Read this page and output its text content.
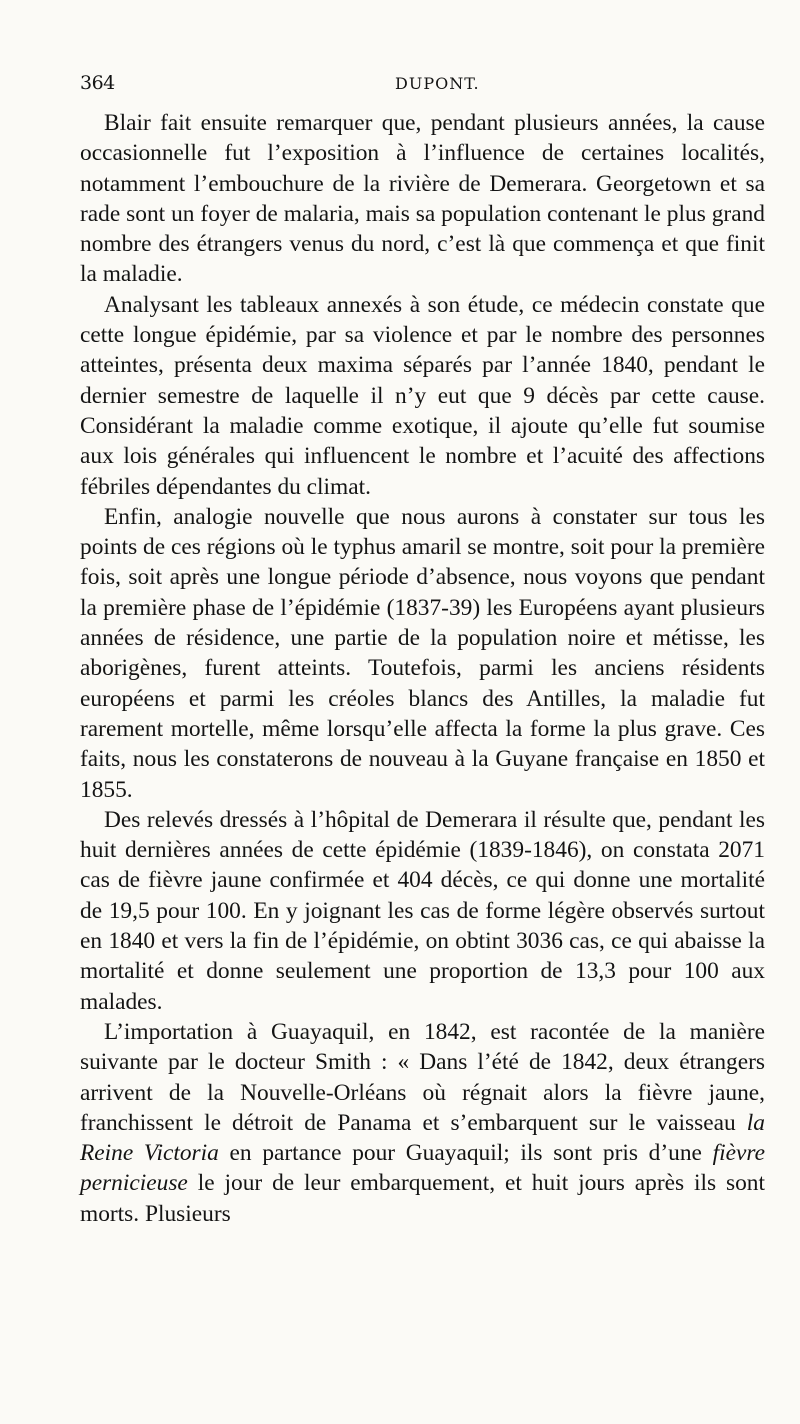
364	DUPONT.

Blair fait ensuite remarquer que, pendant plusieurs années, la cause occasionnelle fut l’exposition à l’influence de certaines localités, notamment l’embouchure de la rivière de Demerara. Georgetown et sa rade sont un foyer de malaria, mais sa population contenant le plus grand nombre des étrangers venus du nord, c’est là que commença et que finit la maladie.

Analysant les tableaux annexés à son étude, ce médecin constate que cette longue épidémie, par sa violence et par le nombre des personnes atteintes, présenta deux maxima séparés par l’année 1840, pendant le dernier semestre de laquelle il n’y eut que 9 décès par cette cause. Considérant la maladie comme exotique, il ajoute qu’elle fut soumise aux lois générales qui influencent le nombre et l’acuité des affections fébriles dépendantes du climat.

Enfin, analogie nouvelle que nous aurons à constater sur tous les points de ces régions où le typhus amaril se montre, soit pour la première fois, soit après une longue période d’absence, nous voyons que pendant la première phase de l’épidémie (1837-39) les Européens ayant plusieurs années de résidence, une partie de la population noire et métisse, les aborigènes, furent atteints. Toutefois, parmi les anciens résidents européens et parmi les créoles blancs des Antilles, la maladie fut rarement mortelle, même lorsqu’elle affecta la forme la plus grave. Ces faits, nous les constaterons de nouveau à la Guyane française en 1850 et 1855.

Des relevés dressés à l’hôpital de Demerara il résulte que, pendant les huit dernières années de cette épidémie (1839-1846), on constata 2071 cas de fièvre jaune confirmée et 404 décès, ce qui donne une mortalité de 19,5 pour 100. En y joignant les cas de forme légère observés surtout en 1840 et vers la fin de l’épidémie, on obtint 3036 cas, ce qui abaisse la mortalité et donne seulement une proportion de 13,3 pour 100 aux malades.

L’importation à Guayaquil, en 1842, est racontée de la manière suivante par le docteur Smith : « Dans l’été de 1842, deux étrangers arrivent de la Nouvelle-Orléans où régnait alors la fièvre jaune, franchissent le détroit de Panama et s’embarquent sur le vaisseau la Reine Victoria en partance pour Guayaquil; ils sont pris d’une fièvre pernicieuse le jour de leur embarquement, et huit jours après ils sont morts. Plusieurs
